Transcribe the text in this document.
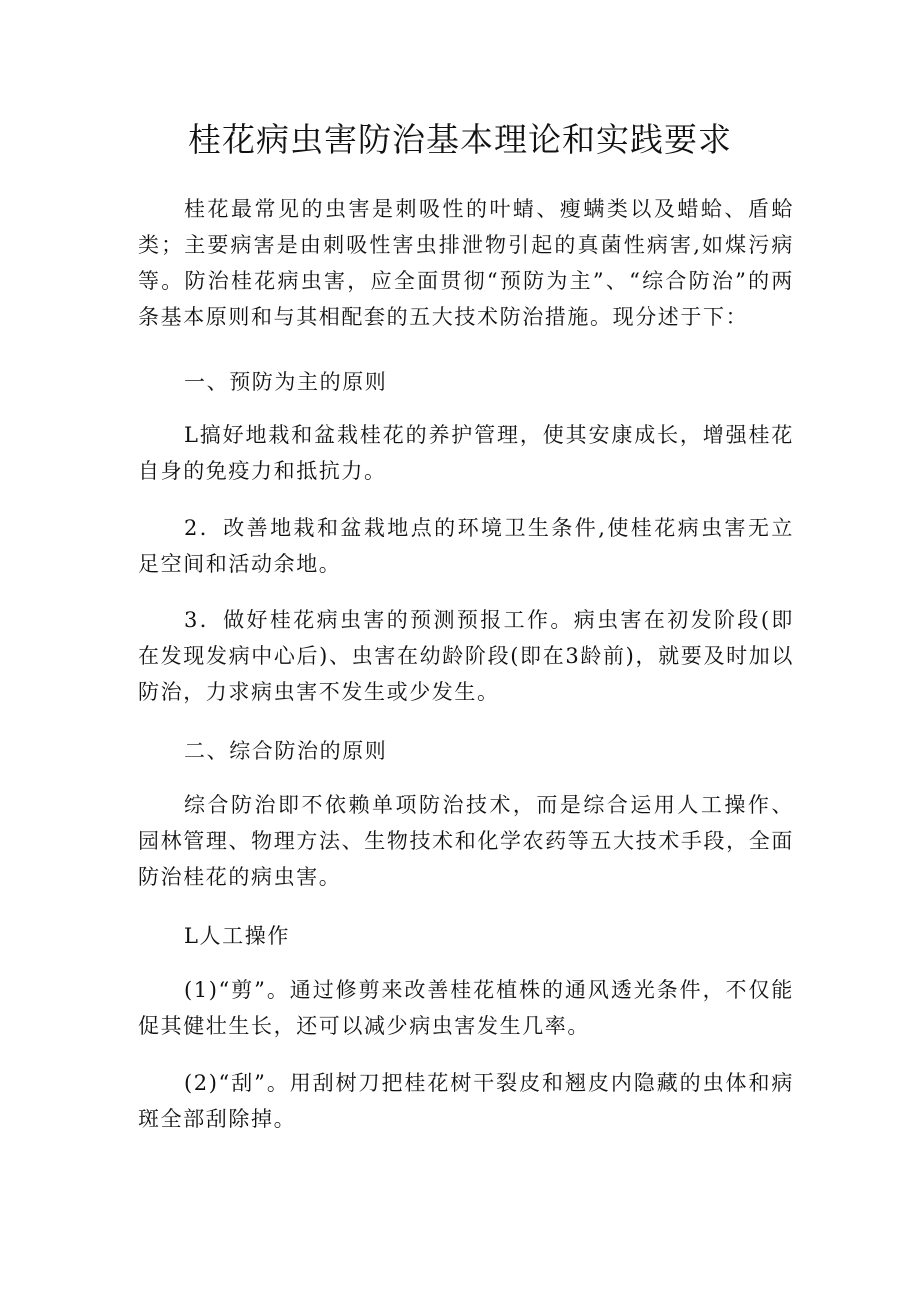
桂花病虫害防治基本理论和实践要求

桂花最常见的虫害是刺吸性的叶蜻、瘦螨类以及蜡蛤、盾蛤类；主要病害是由刺吸性害虫排泄物引起的真菌性病害,如煤污病等。防治桂花病虫害，应全面贯彻“预防为主”、“综合防治”的两条基本原则和与其相配套的五大技术防治措施。现分述于下：

一、预防为主的原则

L搞好地栽和盆栽桂花的养护管理，使其安康成长，增强桂花自身的免疫力和抵抗力。

2．改善地栽和盆栽地点的环境卫生条件,使桂花病虫害无立足空间和活动余地。

3．做好桂花病虫害的预测预报工作。病虫害在初发阶段(即在发现发病中心后)、虫害在幼龄阶段(即在3龄前)，就要及时加以防治，力求病虫害不发生或少发生。

二、综合防治的原则

综合防治即不依赖单项防治技术，而是综合运用人工操作、园林管理、物理方法、生物技术和化学农药等五大技术手段，全面防治桂花的病虫害。

L人工操作

(1)“剪”。通过修剪来改善桂花植株的通风透光条件，不仅能促其健壮生长，还可以减少病虫害发生几率。

(2)“刮”。用刮树刀把桂花树干裂皮和翘皮内隐藏的虫体和病斑全部刮除掉。
